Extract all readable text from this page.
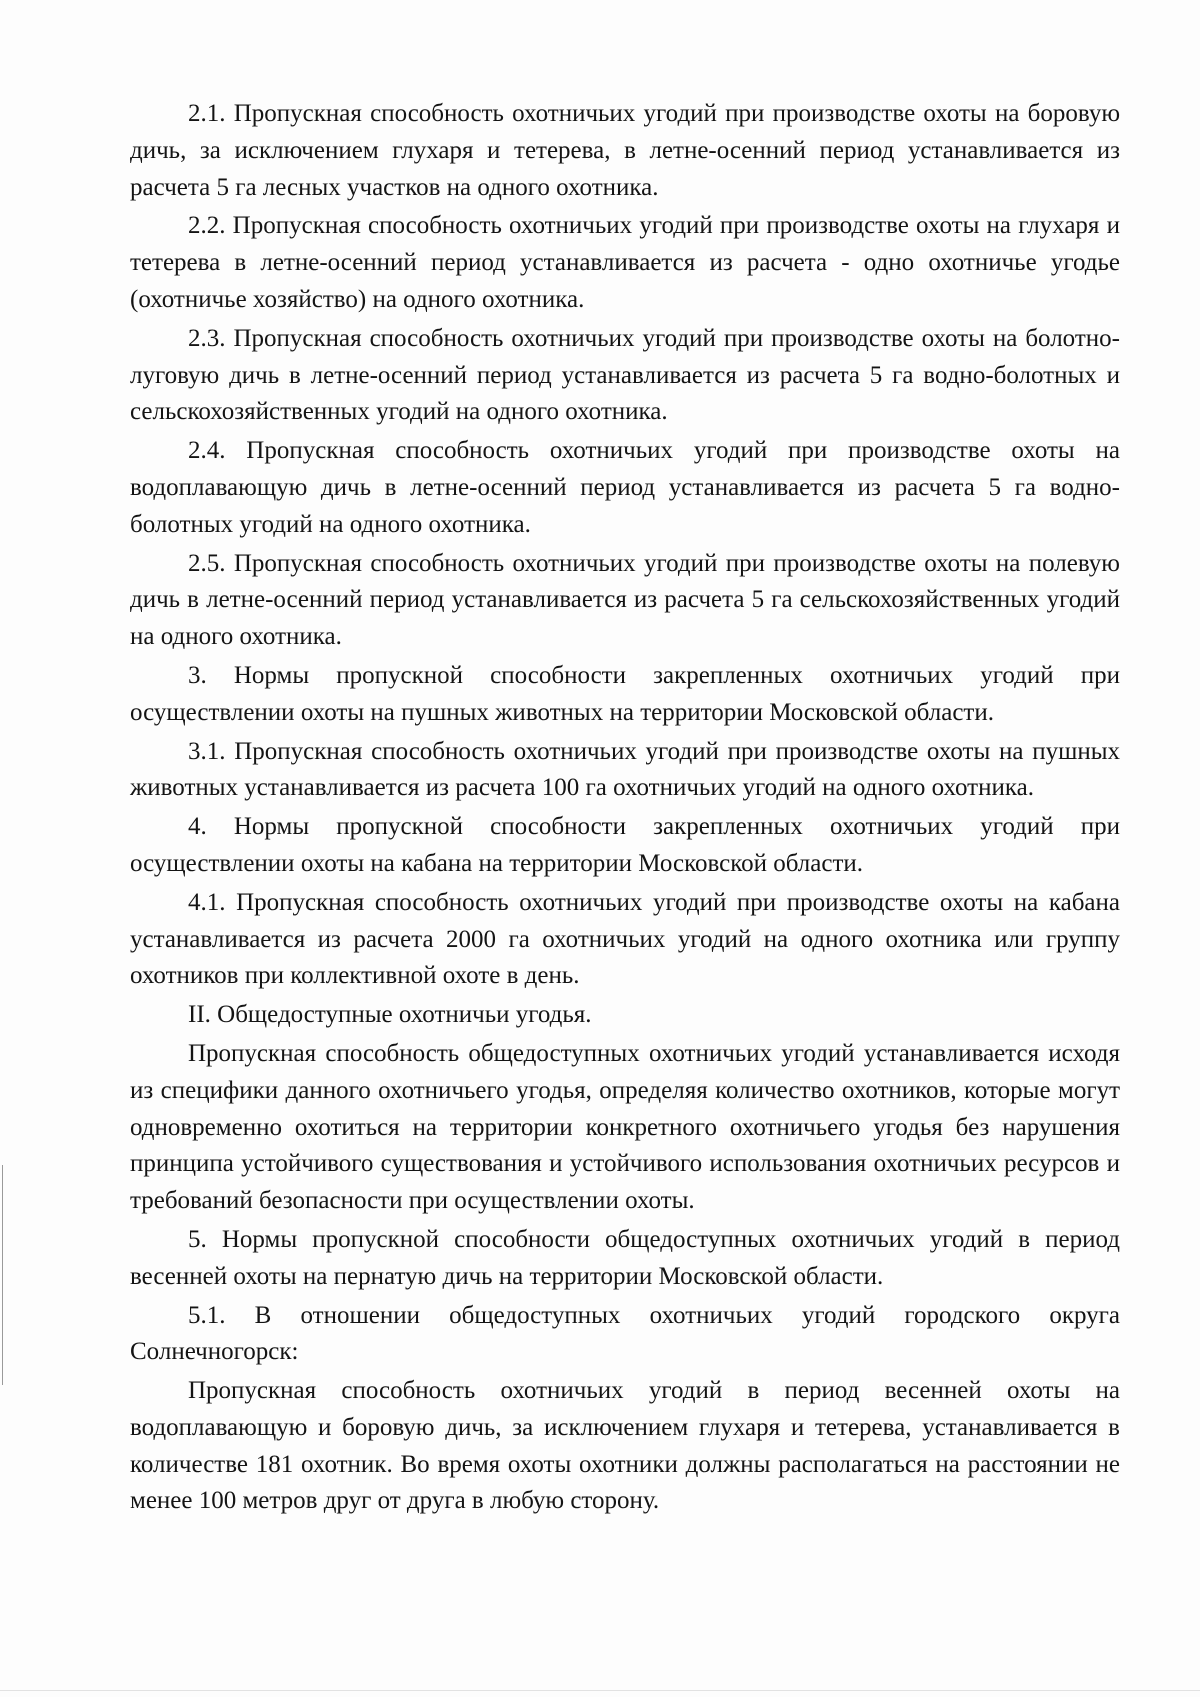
2.1. Пропускная способность охотничьих угодий при производстве охоты на боровую дичь, за исключением глухаря и тетерева, в летне-осенний период устанавливается из расчета 5 га лесных участков на одного охотника.

2.2. Пропускная способность охотничьих угодий при производстве охоты на глухаря и тетерева в летне-осенний период устанавливается из расчета - одно охотничье угодье (охотничье хозяйство) на одного охотника.

2.3. Пропускная способность охотничьих угодий при производстве охоты на болотно-луговую дичь в летне-осенний период устанавливается из расчета 5 га водно-болотных и сельскохозяйственных угодий на одного охотника.

2.4. Пропускная способность охотничьих угодий при производстве охоты на водоплавающую дичь в летне-осенний период устанавливается из расчета 5 га водно-болотных угодий на одного охотника.

2.5. Пропускная способность охотничьих угодий при производстве охоты на полевую дичь в летне-осенний период устанавливается из расчета 5 га сельскохозяйственных угодий на одного охотника.

3. Нормы пропускной способности закрепленных охотничьих угодий при осуществлении охоты на пушных животных на территории Московской области.

3.1. Пропускная способность охотничьих угодий при производстве охоты на пушных животных устанавливается из расчета 100 га охотничьих угодий на одного охотника.

4. Нормы пропускной способности закрепленных охотничьих угодий при осуществлении охоты на кабана на территории Московской области.

4.1. Пропускная способность охотничьих угодий при производстве охоты на кабана устанавливается из расчета 2000 га охотничьих угодий на одного охотника или группу охотников при коллективной охоте в день.

II. Общедоступные охотничьи угодья.

Пропускная способность общедоступных охотничьих угодий устанавливается исходя из специфики данного охотничьего угодья, определяя количество охотников, которые могут одновременно охотиться на территории конкретного охотничьего угодья без нарушения принципа устойчивого существования и устойчивого использования охотничьих ресурсов и требований безопасности при осуществлении охоты.

5. Нормы пропускной способности общедоступных охотничьих угодий в период весенней охоты на пернатую дичь на территории Московской области.

5.1. В отношении общедоступных охотничьих угодий городского округа Солнечногорск:

Пропускная способность охотничьих угодий в период весенней охоты на водоплавающую и боровую дичь, за исключением глухаря и тетерева, устанавливается в количестве 181 охотник. Во время охоты охотники должны располагаться на расстоянии не менее 100 метров друг от друга в любую сторону.
